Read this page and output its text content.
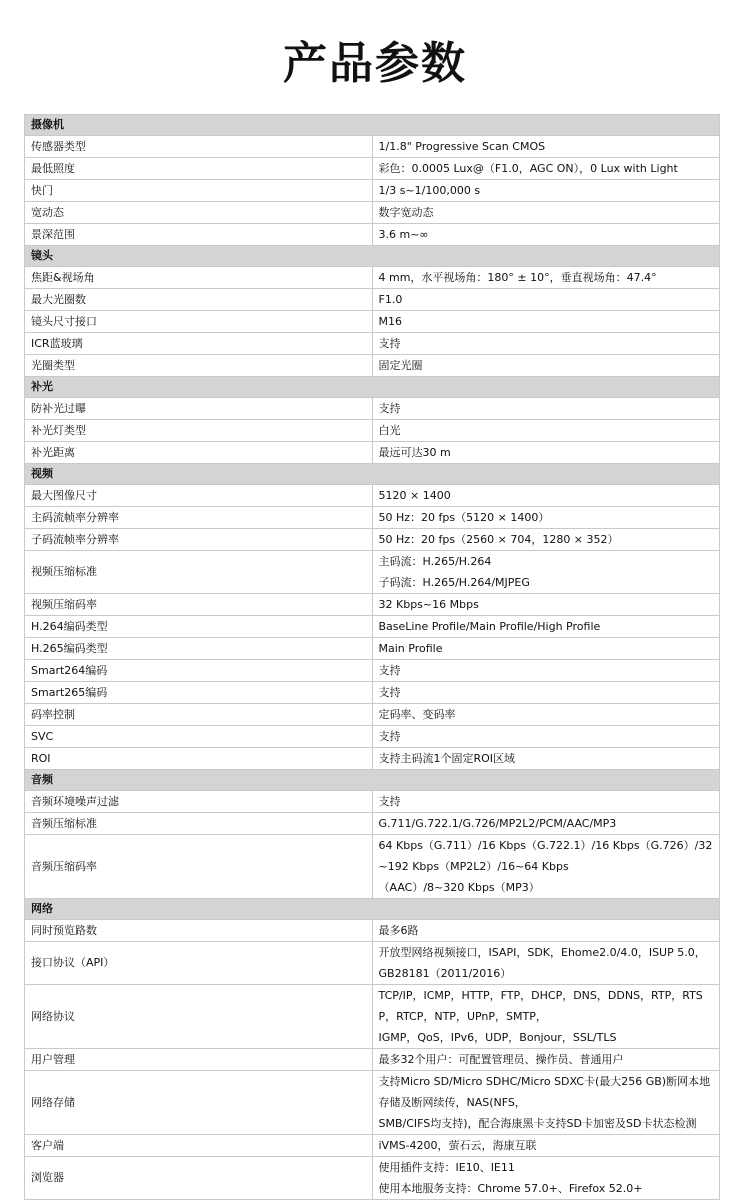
产品参数
摄像机	
传感器类型	1/1.8" Progressive Scan CMOS

最低照度	彩色：0.0005 Lux@（F1.0，AGC ON），0 Lux with Light

快门	1/3 s~1/100,000 s

宽动态	数字宽动态

景深范围	3.6 m~∞

镜头	
焦距&视场角	4 mm，水平视场角：180° ± 10°，垂直视场角：47.4°

最大光圈数	F1.0

镜头尺寸接口	M16

ICR蓝玻璃	支持

光圈类型	固定光圈

补光	
防补光过曝	支持

补光灯类型	白光

补光距离	最远可达30 m

视频	
最大图像尺寸	5120 × 1400

主码流帧率分辨率	50 Hz：20 fps（5120 × 1400）

子码流帧率分辨率	50 Hz：20 fps（2560 × 704，1280 × 352）

视频压缩标准	主码流：H.265/H.264
子码流：H.265/H.264/MJPEG

视频压缩码率	32 Kbps~16 Mbps

H.264编码类型	BaseLine Profile/Main Profile/High Profile

H.265编码类型	Main Profile

Smart264编码	支持

Smart265编码	支持

码率控制	定码率、变码率

SVC	支持

ROI	支持主码流1个固定ROI区域

音频	
音频环境噪声过滤	支持

音频压缩标准	G.711/G.722.1/G.726/MP2L2/PCM/AAC/MP3

音频压缩码率	64 Kbps（G.711）/16 Kbps（G.722.1）/16 Kbps（G.726）/32~192 Kbps（MP2L2）/16~64 Kbps
（AAC）/8~320 Kbps（MP3）

网络	
同时预览路数	最多6路

接口协议（API）	开放型网络视频接口，ISAPI，SDK，Ehome2.0/4.0，ISUP 5.0，GB28181（2011/2016）

网络协议	TCP/IP，ICMP，HTTP，FTP，DHCP，DNS，DDNS，RTP，RTSP，RTCP，NTP，UPnP，SMTP，
IGMP，QoS，IPv6，UDP，Bonjour，SSL/TLS

用户管理	最多32个用户：可配置管理员、操作员、普通用户

网络存储	支持Micro SD/Micro SDHC/Micro SDXC卡(最大256 GB)断网本地存储及断网续传，NAS(NFS，
SMB/CIFS均支持)，配合海康黑卡支持SD卡加密及SD卡状态检测

客户端	iVMS-4200，萤石云，海康互联

浏览器	使用插件支持：IE10、IE11
使用本地服务支持：Chrome 57.0+、Firefox 52.0+
